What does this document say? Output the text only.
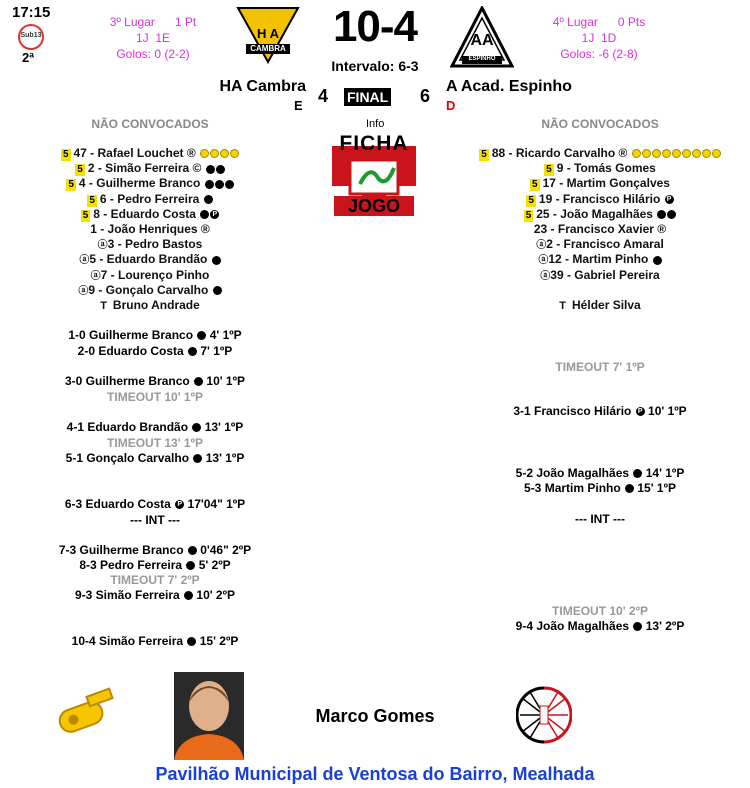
17:15
Sub13
2ª
3º Lugar      1 Pt
1J  1E
Golos: 0 (2-2)
H A
CAMBRA	10-4
Intervalo: 6-3
AA
ESPINHO
4º Lugar      0 Pts
1J  1D
Golos: -6 (2-8)
HA Cambra
E 4 FINAL 6 A Acad. Espinho
D
NÃO CONVOCADOS	NÃO CONVOCADOS
Info
FICHA
JOGO
5 47 - Rafael Louchet ®
5 2 - Simão Ferreira ©
5 4 - Guilherme Branco
5 6 - Pedro Ferreira
5 8 - Eduardo Costa P
1 - João Henriques ®
ⓐ3 - Pedro Bastos
ⓐ5 - Eduardo Brandão
ⓐ7 - Lourenço Pinho
ⓐ9 - Gonçalo Carvalho
T Bruno Andrade
5 88 - Ricardo Carvalho ®
5 9 - Tomás Gomes
5 17 - Martim Gonçalves
5 19 - Francisco Hilário P
5 25 - João Magalhães
23 - Francisco Xavier ®
ⓐ2 - Francisco Amaral
ⓐ12 - Martim Pinho
ⓐ39 - Gabriel Pereira
T Hélder Silva
1-0 Guilherme Branco  4' 1ºP
2-0 Eduardo Costa  7' 1ºP
3-0 Guilherme Branco  10' 1ºP
TIMEOUT 10' 1ºP
4-1 Eduardo Brandão  13' 1ºP
TIMEOUT 13' 1ºP
5-1 Gonçalo Carvalho  13' 1ºP
6-3 Eduardo Costa P 17'04" 1ºP
--- INT ---
7-3 Guilherme Branco  0'46" 2ºP
8-3 Pedro Ferreira  5' 2ºP
TIMEOUT 7' 2ºP
9-3 Simão Ferreira  10' 2ºP
10-4 Simão Ferreira  15' 2ºP
TIMEOUT 7' 1ºP
3-1 Francisco Hilário P 10' 1ºP
5-2 João Magalhães  14' 1ºP
5-3 Martim Pinho  15' 1ºP
--- INT ---
TIMEOUT 10' 2ºP
9-4 João Magalhães  13' 2ºP
Marco Gomes
Pavilhão Municipal de Ventosa do Bairro, Mealhada
